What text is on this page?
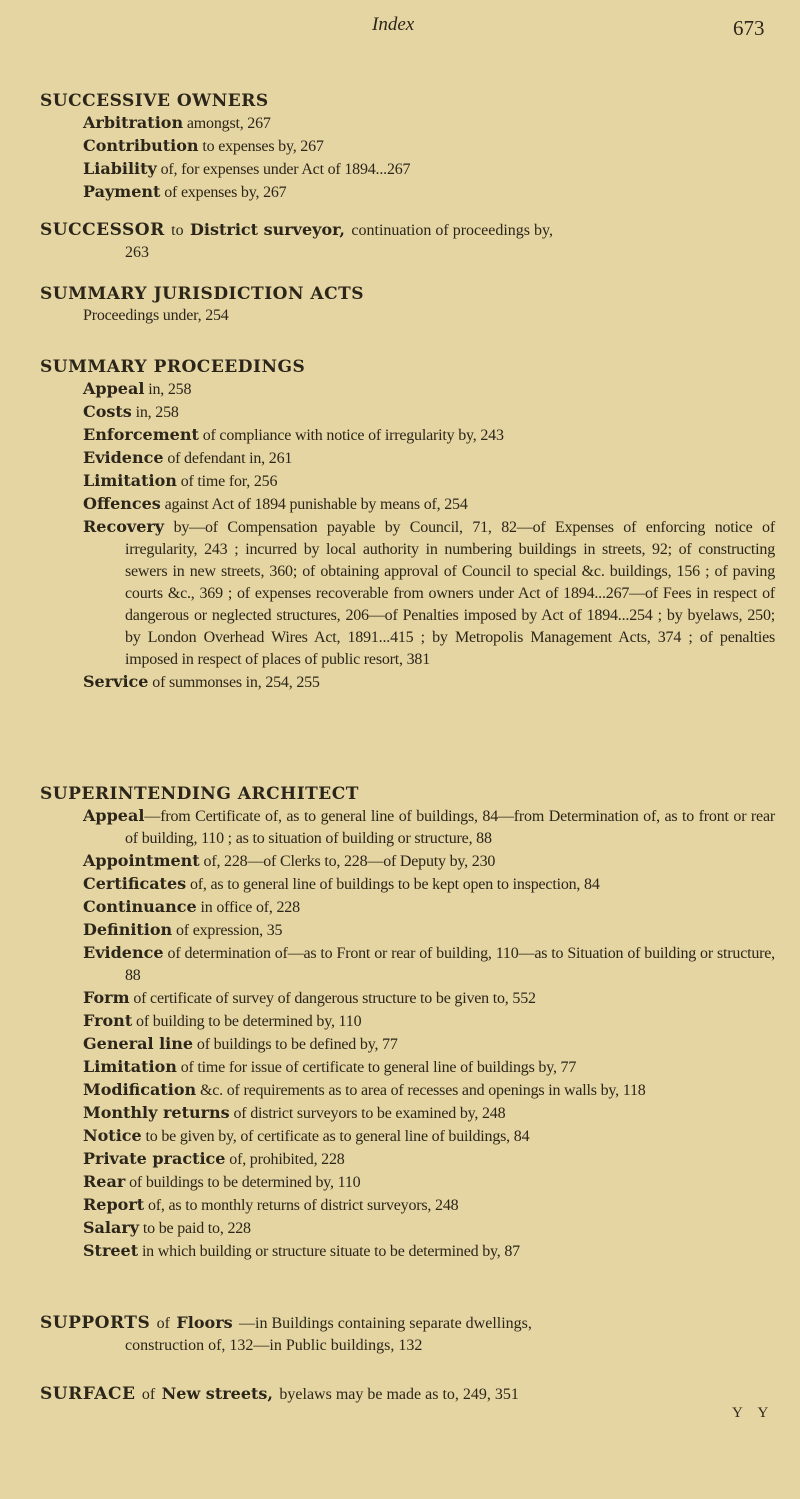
Index	673
SUCCESSIVE OWNERS
Arbitration amongst, 267
Contribution to expenses by, 267
Liability of, for expenses under Act of 1894...267
Payment of expenses by, 267
SUCCESSOR to District surveyor, continuation of proceedings by,
263
SUMMARY JURISDICTION ACTS
Proceedings under, 254
SUMMARY PROCEEDINGS
Appeal in, 258
Costs in, 258
Enforcement of compliance with notice of irregularity by, 243
Evidence of defendant in, 261
Limitation of time for, 256
Offences against Act of 1894 punishable by means of, 254
Recovery by—of Compensation payable by Council, 71, 82—of Expenses of enforcing notice of irregularity, 243 ; incurred by local authority in numbering buildings in streets, 92; of constructing sewers in new streets, 360; of obtaining approval of Council to special &c. buildings, 156 ; of paving courts &c., 369 ; of expenses recoverable from owners under Act of 1894...267—of Fees in respect of dangerous or neglected structures, 206—of Penalties imposed by Act of 1894...254 ; by byelaws, 250; by London Overhead Wires Act, 1891...415 ; by Metropolis Management Acts, 374 ; of penalties imposed in respect of places of public resort, 381
Service of summonses in, 254, 255
SUPERINTENDING ARCHITECT
Appeal—from Certificate of, as to general line of buildings, 84—from Determination of, as to front or rear of building, 110 ; as to situation of building or structure, 88
Appointment of, 228—of Clerks to, 228—of Deputy by, 230
Certificates of, as to general line of buildings to be kept open to inspection, 84
Continuance in office of, 228
Definition of expression, 35
Evidence of determination of—as to Front or rear of building, 110—as to Situation of building or structure, 88
Form of certificate of survey of dangerous structure to be given to, 552
Front of building to be determined by, 110
General line of buildings to be defined by, 77
Limitation of time for issue of certificate to general line of buildings by, 77
Modification &c. of requirements as to area of recesses and openings in walls by, 118
Monthly returns of district surveyors to be examined by, 248
Notice to be given by, of certificate as to general line of buildings, 84
Private practice of, prohibited, 228
Rear of buildings to be determined by, 110
Report of, as to monthly returns of district surveyors, 248
Salary to be paid to, 228
Street in which building or structure situate to be determined by, 87
SUPPORTS of Floors —in Buildings containing separate dwellings,
construction of, 132—in Public buildings, 132
SURFACE of New streets, byelaws may be made as to, 249, 351
Y Y
